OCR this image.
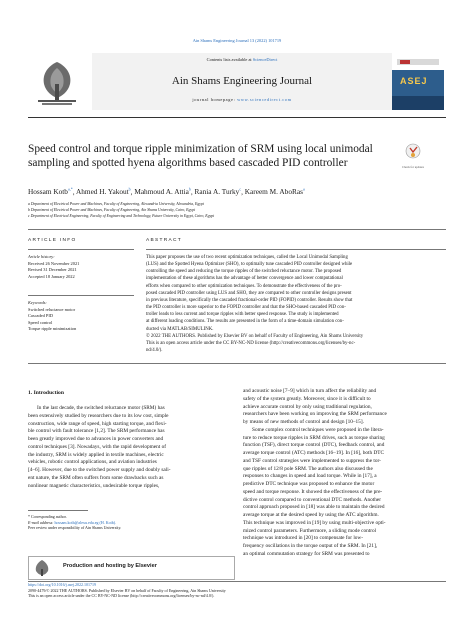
Ain Shams Engineering Journal 13 (2022) 101719
Contents lists available at ScienceDirect
Ain Shams Engineering Journal
journal homepage: www.sciencedirect.com
ASEJ
Speed control and torque ripple minimization of SRM using local unimodal sampling and spotted hyena algorithms based cascaded PID controller	Check for updates
Hossam Kotb$^{a,*}$, Ahmed H. Yakout$^b$, Mahmoud A. Attia$^b$, Rania A. Turky$^c$, Kareem M. AboRas$^a$
a Department of Electrical Power and Machines, Faculty of Engineering, Alexandria University, Alexandria, Egypt
b Department of Electrical Power and Machines, Faculty of Engineering, Ain Shams University, Cairo, Egypt
c Department of Electrical Engineering, Faculty of Engineering and Technology, Future University in Egypt, Cairo, Egypt
ARTICLE INFO
Article history:
Received 26 November 2021
Revised 31 December 2021
Accepted 18 January 2022
Keywords:
Switched reluctance motor
Cascaded PID
Speed control
Torque ripple minimization
ABSTRACT
This paper proposes the use of two recent optimization techniques, called the Local Unimodal Sampling
(LUS) and the Spotted Hyena Optimizer (SHO), to optimally tune cascaded PID controller designed while
controlling the speed and reducing the torque ripples of the switched reluctance motor. The proposed
implementation of these algorithms has the advantage of better convergence and lower computational
efforts when compared to other optimization techniques. To demonstrate the effectiveness of the pro-
posed cascaded PID controller using LUS and SHO, they are compared to other controller designs present
in previous literature, specifically the cascaded fractional-order PID (FOPID) controller. Results show that
the PID controller is more superior to the FOPID controller and that the SHO-based cascaded PID con-
troller leads to less current and torque ripples with better speed response. The study is implemented
at different loading conditions. The results are presented in the form of a time-domain simulation con-
ducted via MATLAB/SIMULINK.
© 2022 THE AUTHORS. Published by Elsevier BV on behalf of Faculty of Engineering, Ain Shams University
This is an open access article under the CC BY-NC-ND license (http://creativecommons.org/licenses/by-nc-
nd/4.0/).
1. Introduction
In the last decade, the switched reluctance motor (SRM) has
been extensively studied by researchers due to its low cost, simple
construction, wide range of speed, high starting torque, and flexi-
ble control with fault tolerance [1,2]. The SRM performance has
been greatly improved due to advances in power converters and
control techniques [3]. Nowadays, with the rapid development of
the industry, SRM is widely applied in textile machines, electric
vehicles, robotic control applications, and aviation industries
[4–6]. However, due to the switched power supply and doubly sali-
ent nature, the SRM often suffers from some drawbacks such as
nonlinear magnetic characteristics, undesirable torque ripples,
and acoustic noise [7–9] which in turn affect the reliability and
safety of the system greatly. Moreover, since it is difficult to
achieve accurate control by only using traditional regulation,
researchers have been working on improving the SRM performance
by means of new methods of control and design [10–15].
Some complex control techniques were proposed in the litera-
ture to reduce torque ripples in SRM drives, such as torque sharing
function (TSF), direct torque control (DTC), feedback control, and
average torque control (ATC) methods [16–19]. In [16], both DTC
and TSF control strategies were implemented to suppress the tor-
que ripples of 12/8 pole SRM. The authors also discussed the
responses to changes in speed and load torque. While in [17], a
predictive DTC technique was proposed to enhance the motor
speed and torque response. It showed the effectiveness of the pre-
dictive control compared to conventional DTC methods. Another
control approach proposed in [18] was able to maintain the desired
average torque at the desired speed by using the ATC algorithm.
This technique was improved in [19] by using multi-objective opti-
mized control parameters. Furthermore, a sliding mode control
technique was introduced in [20] to compensate for low-
frequency oscillations in the torque output of the SRM. In [21],
an optimal commutation strategy for SRM was presented to
* Corresponding author.
E-mail address: hossam.kotb@alexu.edu.eg (H. Kotb).
Peer review under responsibility of Ain Shams University.
Production and hosting by Elsevier
https://doi.org/10.1016/j.asej.2022.101719
2090-4479/© 2022 THE AUTHORS. Published by Elsevier BV on behalf of Faculty of Engineering, Ain Shams University
This is an open access article under the CC BY-NC-ND license (http://creativecommons.org/licenses/by-nc-nd/4.0/).
